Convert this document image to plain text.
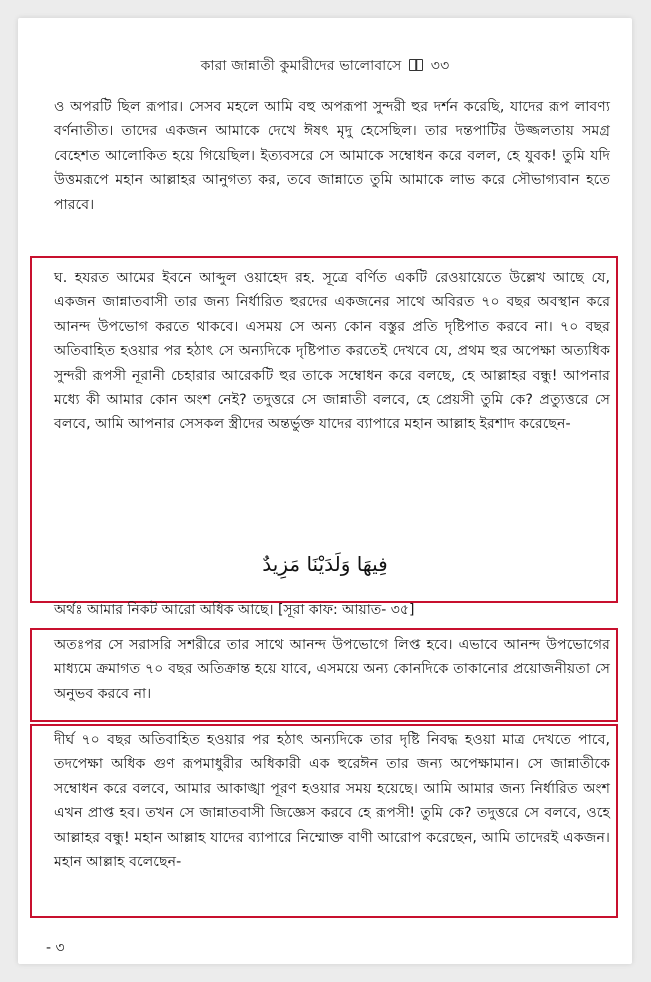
কারা জান্নাতী কুমারীদের ভালোবাসে ৩৩
ও অপরটি ছিল রূপার। সেসব মহলে আমি বহু অপরূপা সুন্দরী হুর দর্শন করেছি, যাদের রূপ লাবণ্য বর্ণনাতীত। তাদের একজন আমাকে দেখে ঈষৎ মৃদু হেসেছিল। তার দন্তপাটির উজ্জলতায় সমগ্র বেহেশত আলোকিত হয়ে গিয়েছিল। ইত্যবসরে সে আমাকে সম্বোধন করে বলল, হে যুবক! তুমি যদি উত্তমরূপে মহান আল্লাহর আনুগত্য কর, তবে জান্নাতে তুমি আমাকে লাভ করে সৌভাগ্যবান হতে পারবে।
ঘ. হযরত আমের ইবনে আব্দুল ওয়াহেদ রহ. সূত্রে বর্ণিত একটি রেওয়ায়েতে উল্লেখ আছে যে, একজন জান্নাতবাসী তার জন্য নির্ধারিত হুরদের একজনের সাথে অবিরত ৭০ বছর অবস্থান করে আনন্দ উপভোগ করতে থাকবে। এসময় সে অন্য কোন বস্তুর প্রতি দৃষ্টিপাত করবে না। ৭০ বছর অতিবাহিত হওয়ার পর হঠাৎ সে অন্যদিকে দৃষ্টিপাত করতেই দেখবে যে, প্রথম হুর অপেক্ষা অত্যধিক সুন্দরী রূপসী নূরানী চেহারার আরেকটি হুর তাকে সম্বোধন করে বলছে, হে আল্লাহর বন্ধু! আপনার মধ্যে কী আমার কোন অংশ নেই? তদুত্তরে সে জান্নাতী বলবে, হে প্রেয়সী তুমি কে? প্রত্যুত্তরে সে বলবে, আমি আপনার সেসকল স্ত্রীদের অন্তর্ভুক্ত যাদের ব্যাপারে মহান আল্লাহ ইরশাদ করেছেন-
فِيهَا وَلَدَيْنَا مَزِيدٌ
অর্থঃ আমার নিকট আরো অধিক আছে। [সূরা কাফ: আয়াত- ৩৫]
অতঃপর সে সরাসরি সশরীরে তার সাথে আনন্দ উপভোগে লিপ্ত হবে। এভাবে আনন্দ উপভোগের মাধ্যমে ক্রমাগত ৭০ বছর অতিক্রান্ত হয়ে যাবে, এসময়ে অন্য কোনদিকে তাকানোর প্রয়োজনীয়তা সে অনুভব করবে না।
দীর্ঘ ৭০ বছর অতিবাহিত হওয়ার পর হঠাৎ অন্যদিকে তার দৃষ্টি নিবদ্ধ হওয়া মাত্র দেখতে পাবে, তদপেক্ষা অধিক গুণ রূপমাধুরীর অধিকারী এক হুরেঈন তার জন্য অপেক্ষামান। সে জান্নাতীকে সম্বোধন করে বলবে, আমার আকাঙ্খা পূরণ হওয়ার সময় হয়েছে। আমি আমার জন্য নির্ধারিত অংশ এখন প্রাপ্ত হব। তখন সে জান্নাতবাসী জিজ্ঞেস করবে হে রূপসী! তুমি কে? তদুত্তরে সে বলবে, ওহে আল্লাহর বন্ধু! মহান আল্লাহ যাদের ব্যাপারে নিম্মোক্ত বাণী আরোপ করেছেন, আমি তাদেরই একজন। মহান আল্লাহ বলেছেন-
- ৩
